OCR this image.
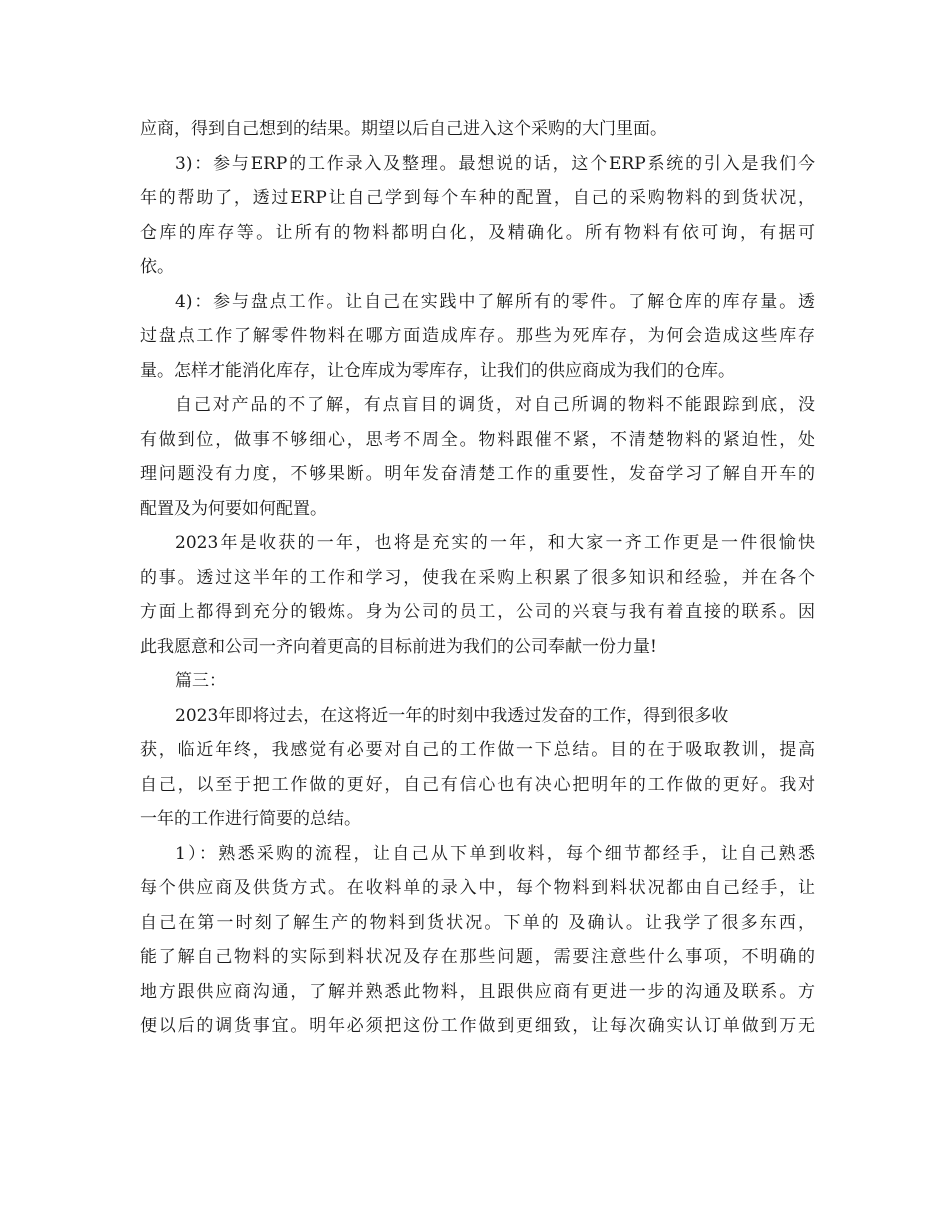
应商，得到自己想到的结果。期望以后自己进入这个采购的大门里面。
3)：参与ERP的工作录入及整理。最想说的话，这个ERP系统的引入是我们今
年的帮助了，透过ERP让自己学到每个车种的配置，自己的采购物料的到货状况，
仓库的库存等。让所有的物料都明白化，及精确化。所有物料有依可询，有据可
依。
4)：参与盘点工作。让自己在实践中了解所有的零件。了解仓库的库存量。透
过盘点工作了解零件物料在哪方面造成库存。那些为死库存，为何会造成这些库存
量。怎样才能消化库存，让仓库成为零库存，让我们的供应商成为我们的仓库。
自己对产品的不了解，有点盲目的调货，对自己所调的物料不能跟踪到底，没
有做到位，做事不够细心，思考不周全。物料跟催不紧，不清楚物料的紧迫性，处
理问题没有力度，不够果断。明年发奋清楚工作的重要性，发奋学习了解自开车的
配置及为何要如何配置。
2023年是收获的一年，也将是充实的一年，和大家一齐工作更是一件很愉快
的事。透过这半年的工作和学习，使我在采购上积累了很多知识和经验，并在各个
方面上都得到充分的锻炼。身为公司的员工，公司的兴衰与我有着直接的联系。因
此我愿意和公司一齐向着更高的目标前进为我们的公司奉献一份力量!
篇三：
2023年即将过去，在这将近一年的时刻中我透过发奋的工作，得到很多收
获，临近年终，我感觉有必要对自己的工作做一下总结。目的在于吸取教训，提高
自己，以至于把工作做的更好，自己有信心也有决心把明年的工作做的更好。我对
一年的工作进行简要的总结。
1）：熟悉采购的流程，让自己从下单到收料，每个细节都经手，让自己熟悉
每个供应商及供货方式。在收料单的录入中，每个物料到料状况都由自己经手，让
自己在第一时刻了解生产的物料到货状况。下单的 及确认。让我学了很多东西，
能了解自己物料的实际到料状况及存在那些问题，需要注意些什么事项，不明确的
地方跟供应商沟通，了解并熟悉此物料，且跟供应商有更进一步的沟通及联系。方
便以后的调货事宜。明年必须把这份工作做到更细致，让每次确实认订单做到万无
